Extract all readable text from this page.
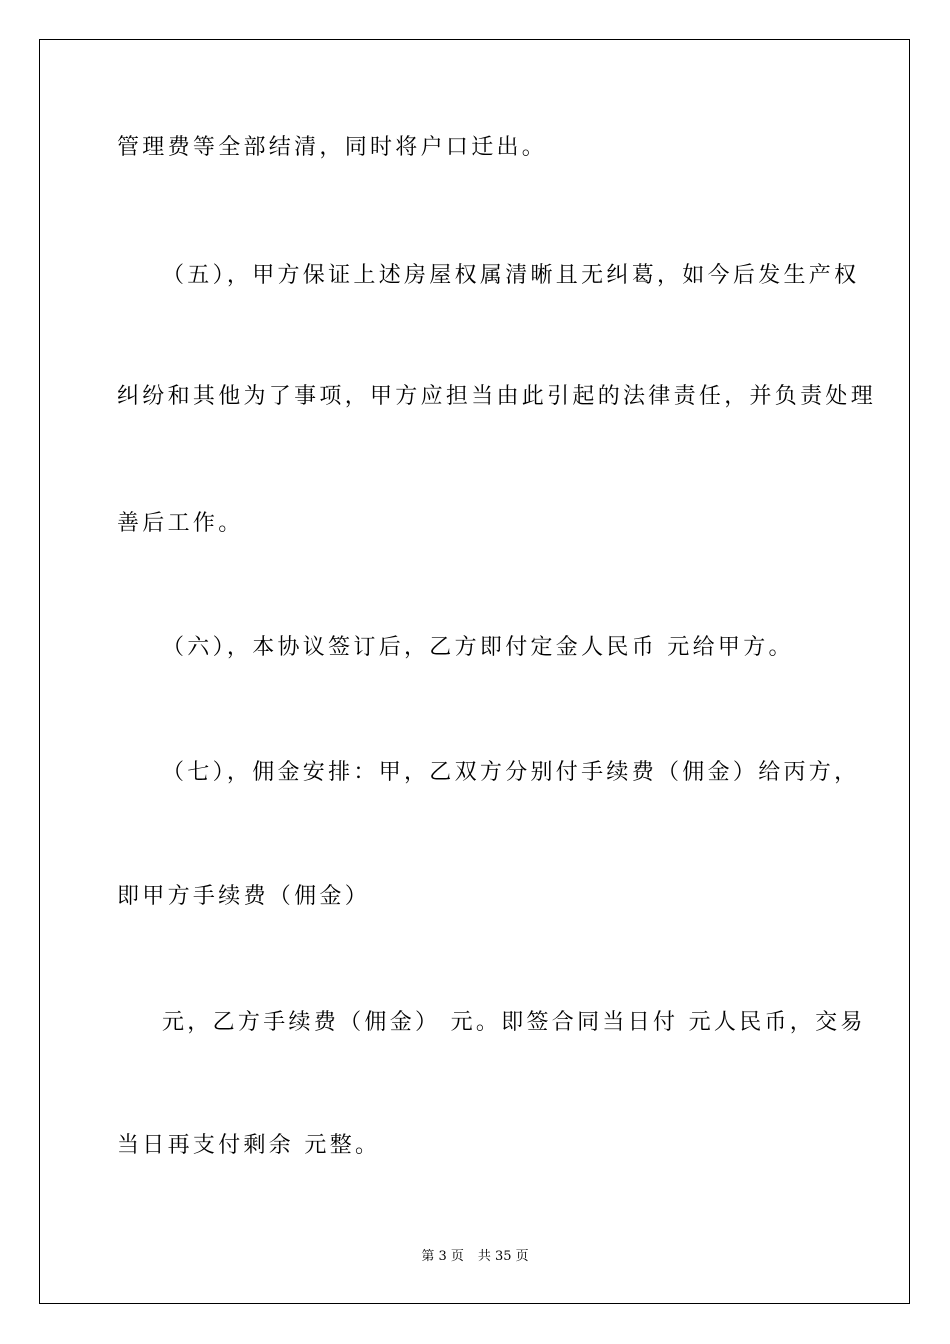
管理费等全部结清，同时将户口迁出。
（五），甲方保证上述房屋权属清晰且无纠葛，如今后发生产权
纠纷和其他为了事项，甲方应担当由此引起的法律责任，并负责处理
善后工作。
（六），本协议签订后，乙方即付定金人民币 元给甲方。
（七），佣金安排：甲，乙双方分别付手续费（佣金）给丙方，
即甲方手续费（佣金）
元，乙方手续费（佣金） 元。即签合同当日付 元人民币，交易
当日再支付剩余 元整。
第 3 页 共 35 页
